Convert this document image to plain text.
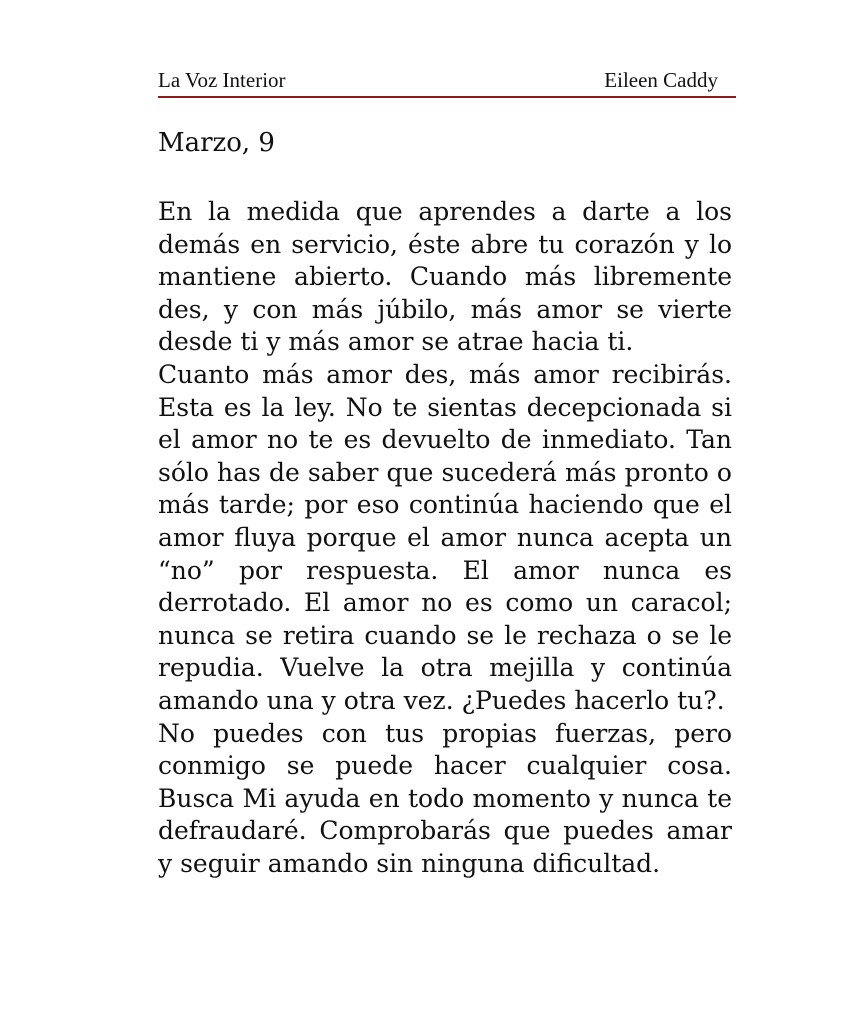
La Voz Interior	Eileen Caddy
Marzo, 9

En la medida que aprendes a darte a los demás en servicio, éste abre tu corazón y lo mantiene abierto. Cuando más libremente des, y con más júbilo, más amor se vierte desde ti y más amor se atrae hacia ti.

Cuanto más amor des, más amor recibirás. Esta es la ley. No te sientas decepcionada si el amor no te es devuelto de inmediato. Tan sólo has de saber que sucederá más pronto o más tarde; por eso continúa haciendo que el amor fluya porque el amor nunca acepta un “no” por respuesta. El amor nunca es derrotado. El amor no es como un caracol; nunca se retira cuando se le rechaza o se le repudia. Vuelve la otra mejilla y continúa amando una y otra vez. ¿Puedes hacerlo tu?.

No puedes con tus propias fuerzas, pero conmigo se puede hacer cualquier cosa. Busca Mi ayuda en todo momento y nunca te defraudaré. Comprobarás que puedes amar y seguir amando sin ninguna dificultad.
